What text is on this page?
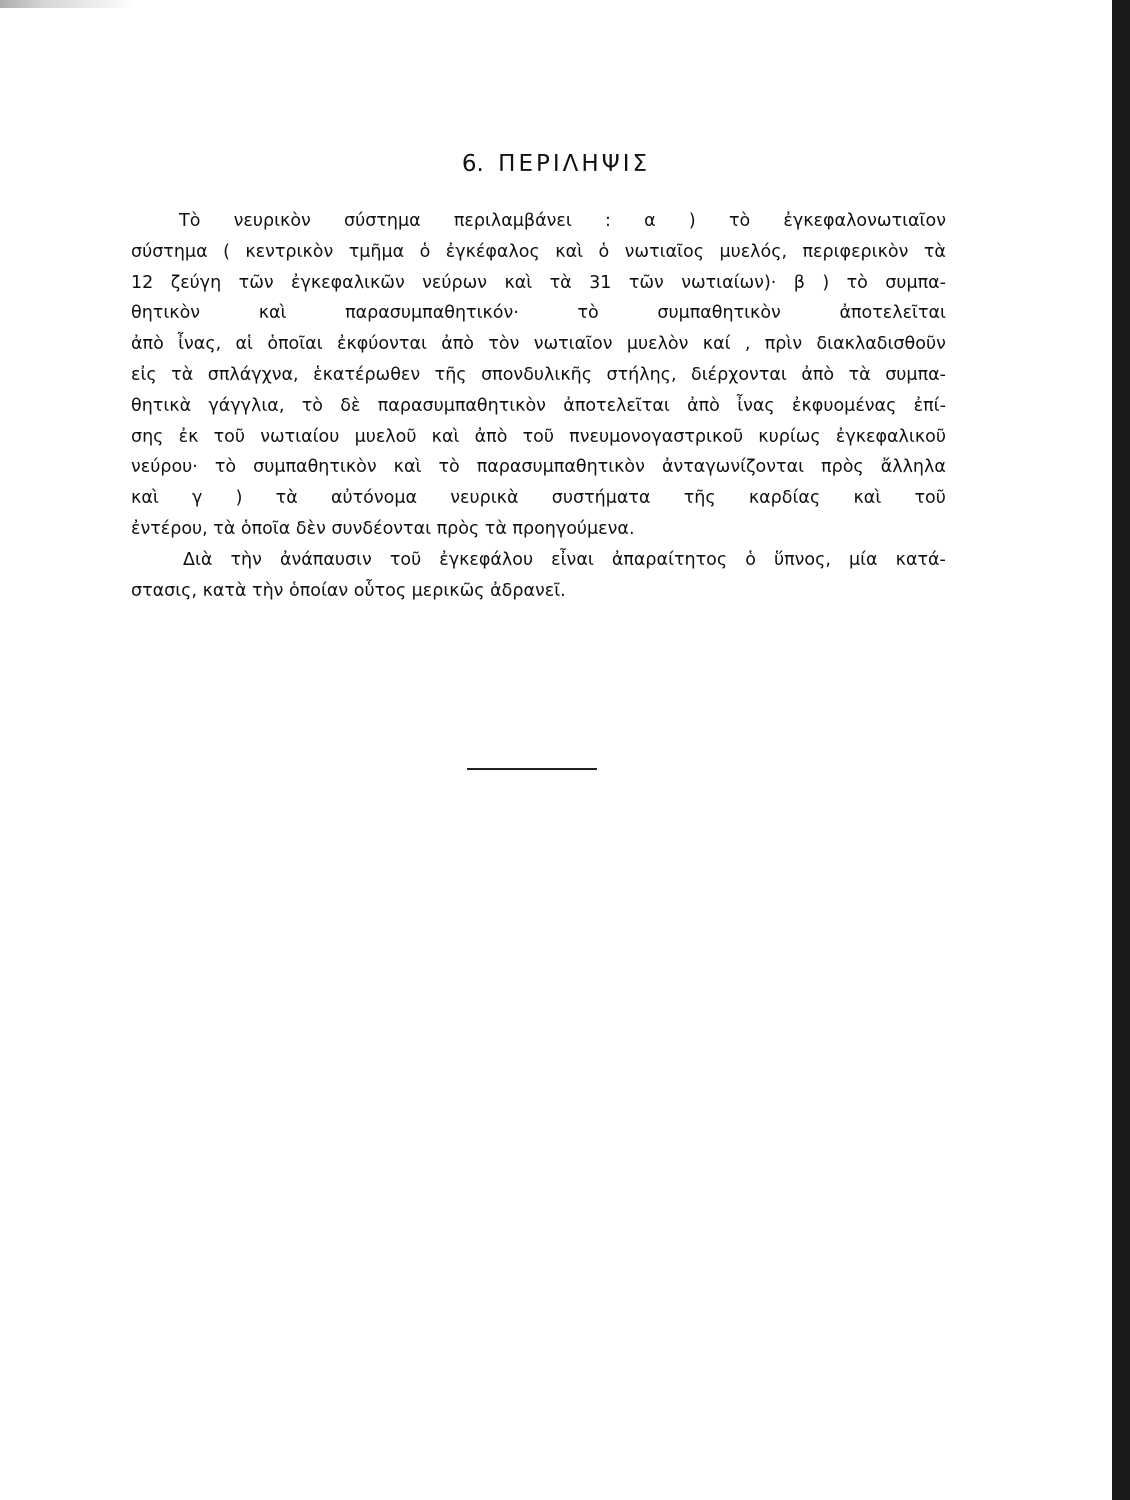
6. ΠΕΡΙΛΗΨΙΣ
Τὸ νευρικὸν σύστημα περιλαμβάνει : α ) τὸ ἐγκεφαλονωτιαῖον
σύστημα ( κεντρικὸν τμῆμα ὁ ἐγκέφαλος καὶ ὁ νωτιαῖος μυελός, περιφερικὸν τὰ
12 ζεύγη τῶν ἐγκεφαλικῶν νεύρων καὶ τὰ 31 τῶν νωτιαίων)· β ) τὸ συμπα-
θητικὸν	καὶ	παρασυμπαθητικόν·	τὸ	συμπαθητικὸν	ἀποτελεῖται
ἀπὸ ἶνας, αἱ ὁποῖαι ἐκφύονται ἀπὸ τὸν νωτιαῖον μυελὸν καί , πρὶν διακλαδισθοῦν
εἰς τὰ σπλάγχνα, ἑκατέρωθεν τῆς σπονδυλικῆς στήλης, διέρχονται ἀπὸ τὰ συμπα-
θητικὰ γάγγλια, τὸ δὲ παρασυμπαθητικὸν ἀποτελεῖται ἀπὸ ἶνας ἐκφυομένας ἐπί-
σης ἐκ τοῦ νωτιαίου μυελοῦ καὶ ἀπὸ τοῦ πνευμονογαστρικοῦ κυρίως ἐγκεφαλικοῦ
νεύρου· τὸ συμπαθητικὸν καὶ τὸ παρασυμπαθητικὸν ἀνταγωνίζονται πρὸς ἄλληλα
καὶ γ ) τὰ αὐτόνομα νευρικὰ συστήματα τῆς καρδίας καὶ τοῦ
ἐντέρου, τὰ ὁποῖα δὲν συνδέονται πρὸς τὰ προηγούμενα.
Διὰ τὴν ἀνάπαυσιν τοῦ ἐγκεφάλου εἶναι ἀπαραίτητος ὁ ὕπνος, μία κατά-
στασις, κατὰ τὴν ὁποίαν οὗτος μερικῶς ἀδρανεῖ.
